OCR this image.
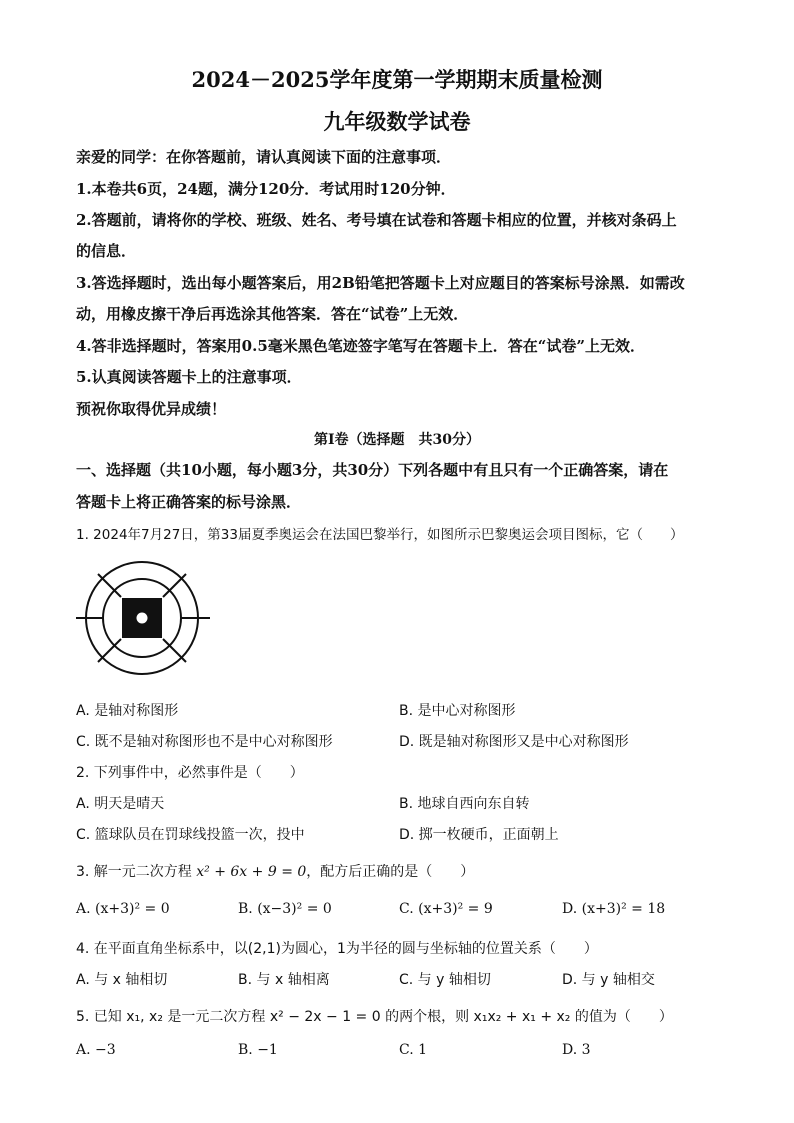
2024－2025学年度第一学期期末质量检测
九年级数学试卷
亲爱的同学：在你答题前，请认真阅读下面的注意事项．
1.本卷共6页，24题，满分120分．考试用时120分钟．
2.答题前，请将你的学校、班级、姓名、考号填在试卷和答题卡相应的位置，并核对条码上
的信息．
3.答选择题时，选出每小题答案后，用2B铅笔把答题卡上对应题目的答案标号涂黑．如需改
动，用橡皮擦干净后再选涂其他答案．答在“试卷”上无效．
4.答非选择题时，答案用0.5毫米黑色笔迹签字笔写在答题卡上．答在“试卷”上无效．
5.认真阅读答题卡上的注意事项．
预祝你取得优异成绩！
第Ⅰ卷（选择题　共30分）
一、选择题（共10小题，每小题3分，共30分）下列各题中有且只有一个正确答案，请在
答题卡上将正确答案的标号涂黑．
1. 2024年7月27日，第33届夏季奥运会在法国巴黎举行，如图所示巴黎奥运会项目图标，它（　　）
A. 是轴对称图形	B. 是中心对称图形
C. 既不是轴对称图形也不是中心对称图形	D. 既是轴对称图形又是中心对称图形
2. 下列事件中，必然事件是（　　）
A. 明天是晴天	B. 地球自西向东自转
C. 篮球队员在罚球线投篮一次，投中	D. 掷一枚硬币，正面朝上
3. 解一元二次方程 x² + 6x + 9 = 0，配方后正确的是（　　）
A. (x+3)² = 0	B. (x−3)² = 0	C. (x+3)² = 9	D. (x+3)² = 18
4. 在平面直角坐标系中，以(2,1)为圆心，1为半径的圆与坐标轴的位置关系（　　）
A. 与 x 轴相切	B. 与 x 轴相离	C. 与 y 轴相切	D. 与 y 轴相交
5. 已知 x₁, x₂ 是一元二次方程 x² − 2x − 1 = 0 的两个根，则 x₁x₂ + x₁ + x₂ 的值为（　　）
A. −3	B. −1	C. 1	D. 3
